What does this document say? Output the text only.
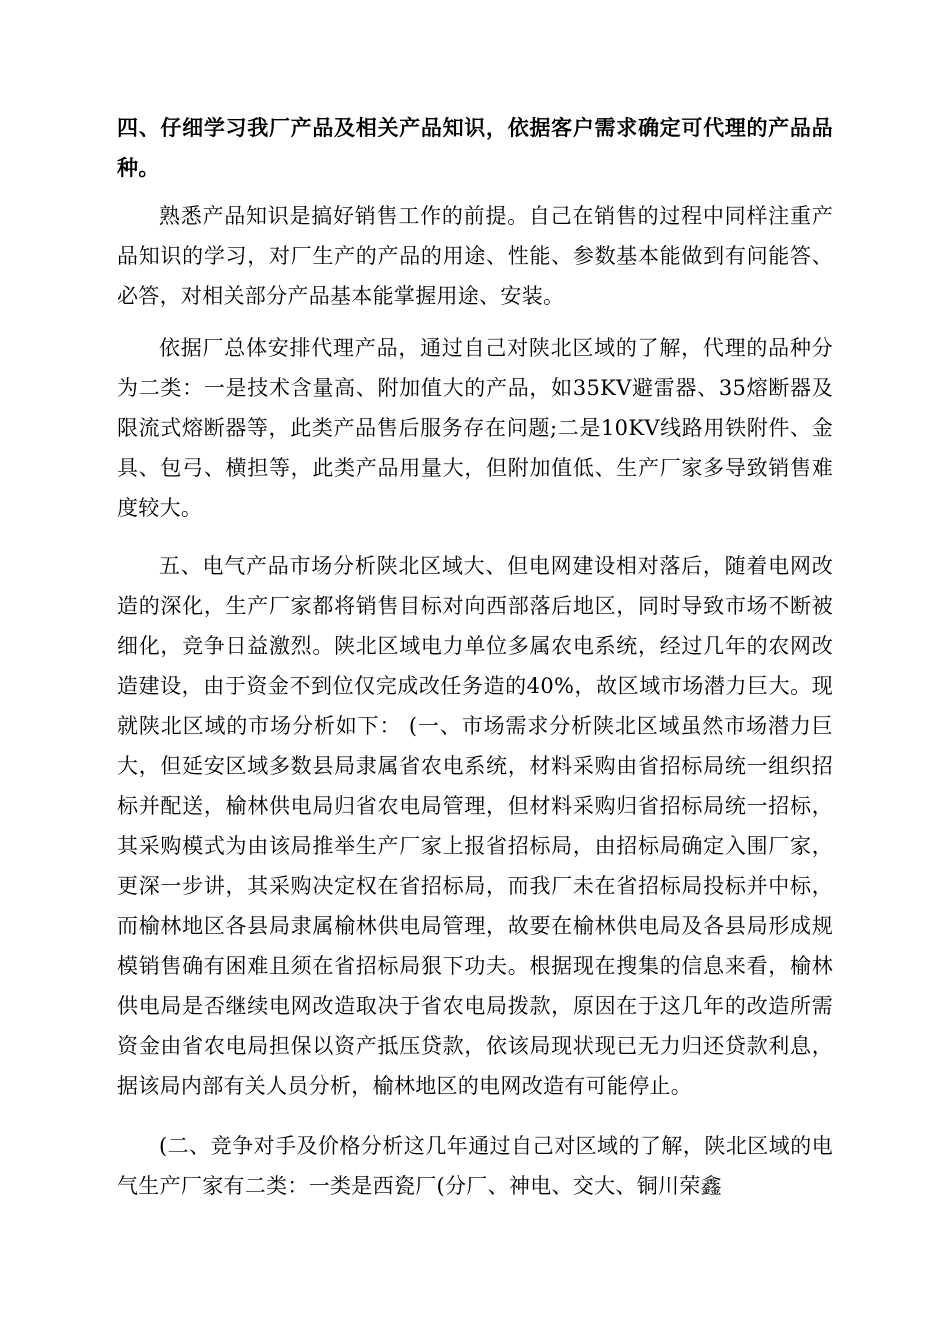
四、仔细学习我厂产品及相关产品知识，依据客户需求确定可代理的产品品种。

熟悉产品知识是搞好销售工作的前提。自己在销售的过程中同样注重产品知识的学习，对厂生产的产品的用途、性能、参数基本能做到有问能答、必答，对相关部分产品基本能掌握用途、安装。

依据厂总体安排代理产品，通过自己对陕北区域的了解，代理的品种分为二类：一是技术含量高、附加值大的产品，如35KV避雷器、35熔断器及限流式熔断器等，此类产品售后服务存在问题;二是10KV线路用铁附件、金具、包弓、横担等，此类产品用量大，但附加值低、生产厂家多导致销售难度较大。

五、电气产品市场分析陕北区域大、但电网建设相对落后，随着电网改造的深化，生产厂家都将销售目标对向西部落后地区，同时导致市场不断被细化，竞争日益激烈。陕北区域电力单位多属农电系统，经过几年的农网改造建设，由于资金不到位仅完成改任务造的40%，故区域市场潜力巨大。现就陕北区域的市场分析如下： (一、市场需求分析陕北区域虽然市场潜力巨大，但延安区域多数县局隶属省农电系统，材料采购由省招标局统一组织招标并配送，榆林供电局归省农电局管理，但材料采购归省招标局统一招标，其采购模式为由该局推举生产厂家上报省招标局，由招标局确定入围厂家，更深一步讲，其采购决定权在省招标局，而我厂未在省招标局投标并中标，而榆林地区各县局隶属榆林供电局管理，故要在榆林供电局及各县局形成规模销售确有困难且须在省招标局狠下功夫。根据现在搜集的信息来看，榆林供电局是否继续电网改造取决于省农电局拨款，原因在于这几年的改造所需资金由省农电局担保以资产抵压贷款，依该局现状现已无力归还贷款利息，据该局内部有关人员分析，榆林地区的电网改造有可能停止。

(二、竞争对手及价格分析这几年通过自己对区域的了解，陕北区域的电气生产厂家有二类：一类是西瓷厂(分厂、神电、交大、铜川荣鑫
